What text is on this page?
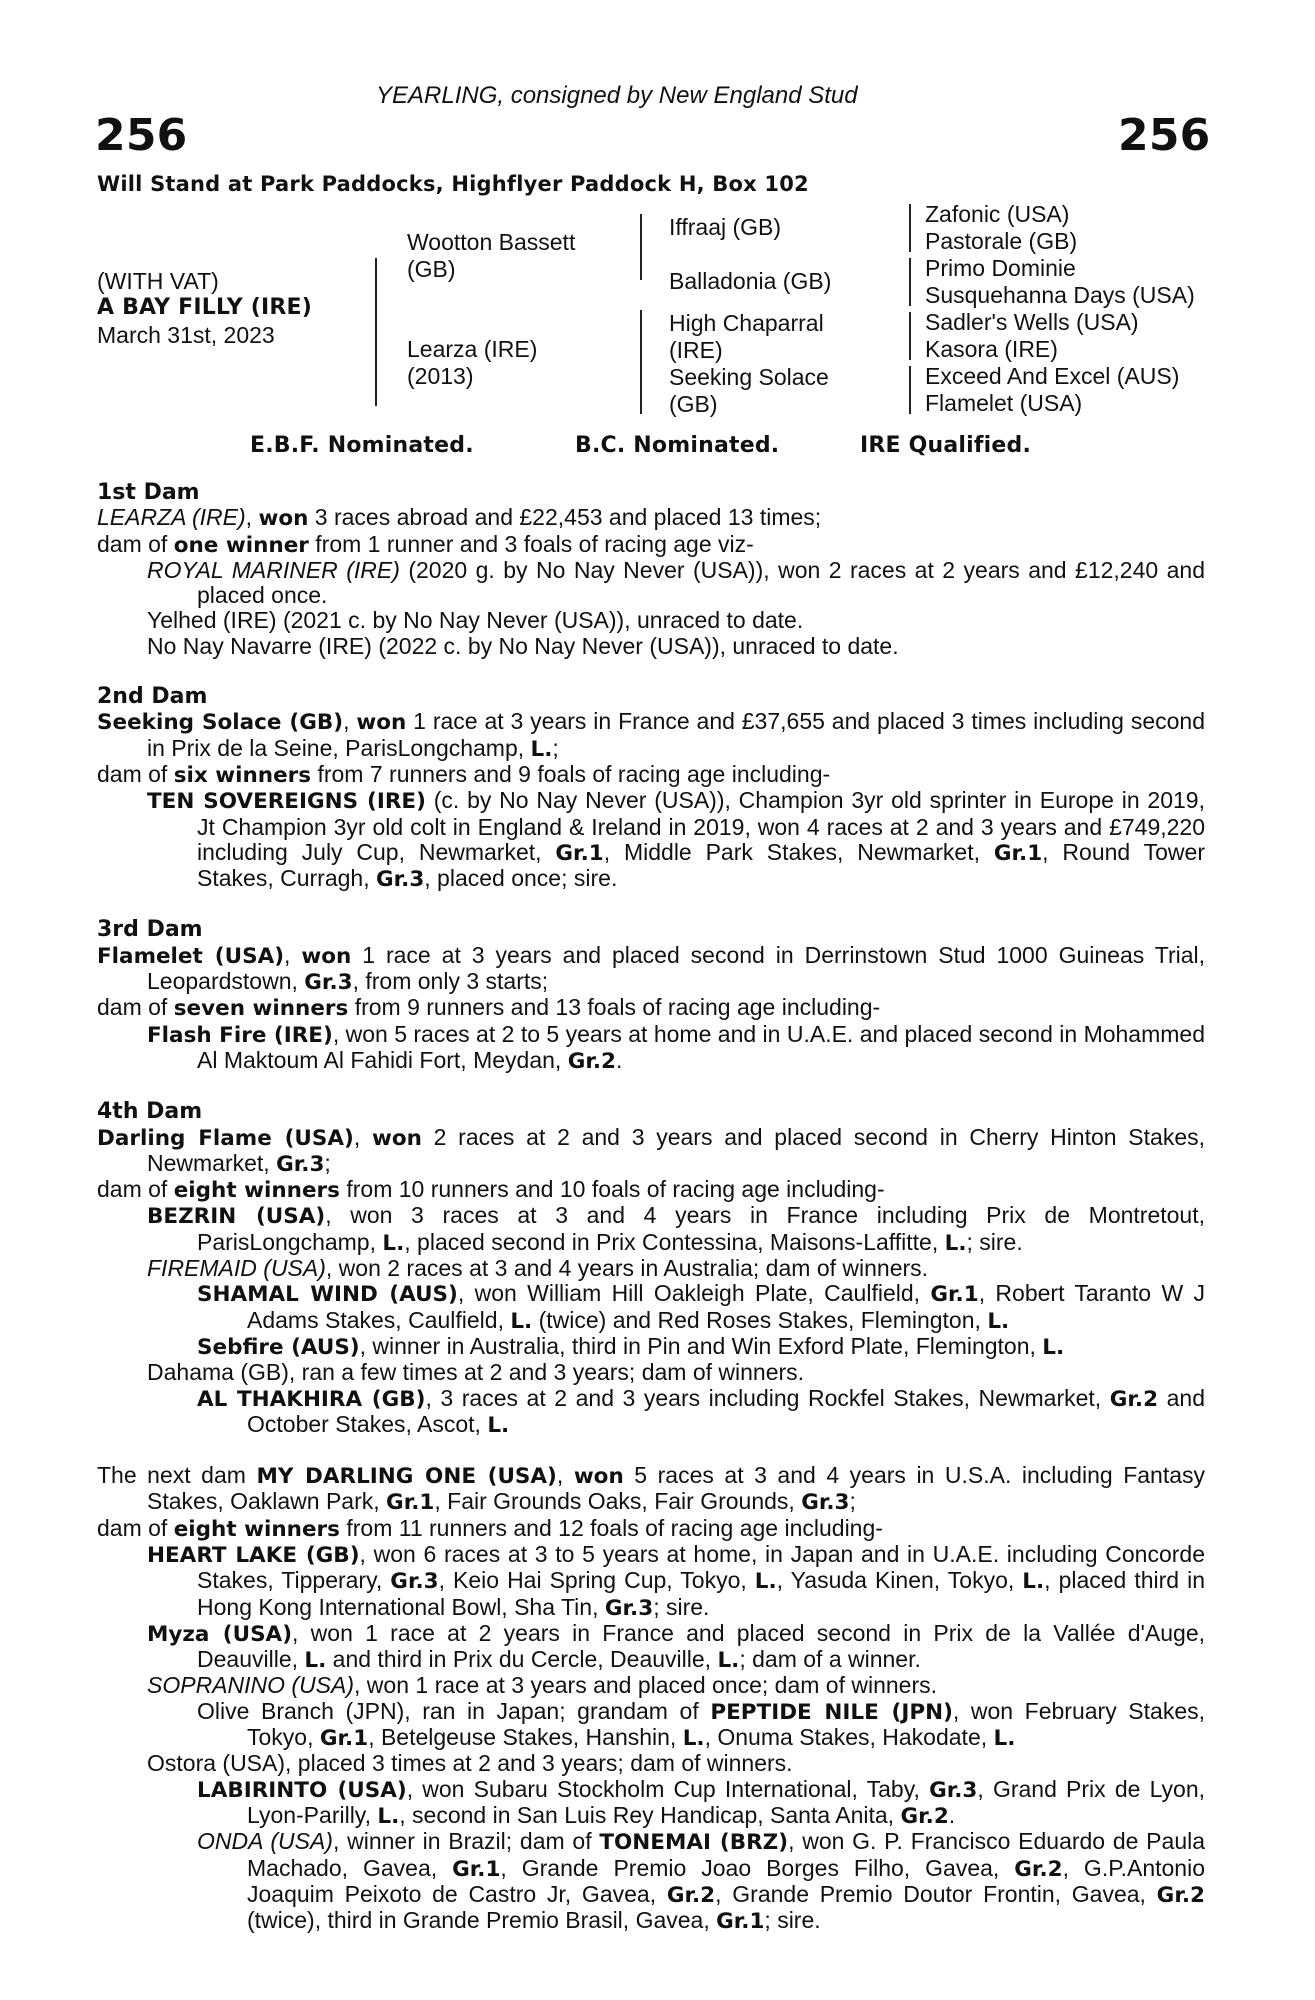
YEARLING, consigned by New England Stud
256	256
Will Stand at Park Paddocks, Highflyer Paddock H, Box 102
(WITH VAT)
A BAY FILLY (IRE)
March 31st, 2023
Wootton Bassett
(GB)
Learza (IRE)
(2013)
Iffraaj (GB)
Balladonia (GB)
High Chaparral
(IRE)
Seeking Solace
(GB)
Zafonic (USA)
Pastorale (GB)
Primo Dominie
Susquehanna Days (USA)
Sadler's Wells (USA)
Kasora (IRE)
Exceed And Excel (AUS)
Flamelet (USA)
E.B.F. Nominated.	B.C. Nominated.	IRE Qualified.
1st Dam
LEARZA (IRE), won 3 races abroad and £22,453 and placed 13 times;
dam of one winner from 1 runner and 3 foals of racing age viz-
ROYAL MARINER (IRE) (2020 g. by No Nay Never (USA)), won 2 races at 2 years and £12,240 and placed once.
Yelhed (IRE) (2021 c. by No Nay Never (USA)), unraced to date.
No Nay Navarre (IRE) (2022 c. by No Nay Never (USA)), unraced to date.
2nd Dam
Seeking Solace (GB), won 1 race at 3 years in France and £37,655 and placed 3 times including second in Prix de la Seine, ParisLongchamp, L.;
dam of six winners from 7 runners and 9 foals of racing age including-
TEN SOVEREIGNS (IRE) (c. by No Nay Never (USA)), Champion 3yr old sprinter in Europe in 2019, Jt Champion 3yr old colt in England & Ireland in 2019, won 4 races at 2 and 3 years and £749,220 including July Cup, Newmarket, Gr.1, Middle Park Stakes, Newmarket, Gr.1, Round Tower Stakes, Curragh, Gr.3, placed once; sire.
3rd Dam
Flamelet (USA), won 1 race at 3 years and placed second in Derrinstown Stud 1000 Guineas Trial, Leopardstown, Gr.3, from only 3 starts;
dam of seven winners from 9 runners and 13 foals of racing age including-
Flash Fire (IRE), won 5 races at 2 to 5 years at home and in U.A.E. and placed second in Mohammed Al Maktoum Al Fahidi Fort, Meydan, Gr.2.
4th Dam
Darling Flame (USA), won 2 races at 2 and 3 years and placed second in Cherry Hinton Stakes, Newmarket, Gr.3;
dam of eight winners from 10 runners and 10 foals of racing age including-
BEZRIN (USA), won 3 races at 3 and 4 years in France including Prix de Montretout, ParisLongchamp, L., placed second in Prix Contessina, Maisons-Laffitte, L.; sire.
FIREMAID (USA), won 2 races at 3 and 4 years in Australia; dam of winners.
SHAMAL WIND (AUS), won William Hill Oakleigh Plate, Caulfield, Gr.1, Robert Taranto W J Adams Stakes, Caulfield, L. (twice) and Red Roses Stakes, Flemington, L.
Sebfire (AUS), winner in Australia, third in Pin and Win Exford Plate, Flemington, L.
Dahama (GB), ran a few times at 2 and 3 years; dam of winners.
AL THAKHIRA (GB), 3 races at 2 and 3 years including Rockfel Stakes, Newmarket, Gr.2 and October Stakes, Ascot, L.
The next dam MY DARLING ONE (USA), won 5 races at 3 and 4 years in U.S.A. including Fantasy Stakes, Oaklawn Park, Gr.1, Fair Grounds Oaks, Fair Grounds, Gr.3;
dam of eight winners from 11 runners and 12 foals of racing age including-
HEART LAKE (GB), won 6 races at 3 to 5 years at home, in Japan and in U.A.E. including Concorde Stakes, Tipperary, Gr.3, Keio Hai Spring Cup, Tokyo, L., Yasuda Kinen, Tokyo, L., placed third in Hong Kong International Bowl, Sha Tin, Gr.3; sire.
Myza (USA), won 1 race at 2 years in France and placed second in Prix de la Vallée d'Auge, Deauville, L. and third in Prix du Cercle, Deauville, L.; dam of a winner.
SOPRANINO (USA), won 1 race at 3 years and placed once; dam of winners.
Olive Branch (JPN), ran in Japan; grandam of PEPTIDE NILE (JPN), won February Stakes, Tokyo, Gr.1, Betelgeuse Stakes, Hanshin, L., Onuma Stakes, Hakodate, L.
Ostora (USA), placed 3 times at 2 and 3 years; dam of winners.
LABIRINTO (USA), won Subaru Stockholm Cup International, Taby, Gr.3, Grand Prix de Lyon, Lyon-Parilly, L., second in San Luis Rey Handicap, Santa Anita, Gr.2.
ONDA (USA), winner in Brazil; dam of TONEMAI (BRZ), won G. P. Francisco Eduardo de Paula Machado, Gavea, Gr.1, Grande Premio Joao Borges Filho, Gavea, Gr.2, G.P.Antonio Joaquim Peixoto de Castro Jr, Gavea, Gr.2, Grande Premio Doutor Frontin, Gavea, Gr.2 (twice), third in Grande Premio Brasil, Gavea, Gr.1; sire.
